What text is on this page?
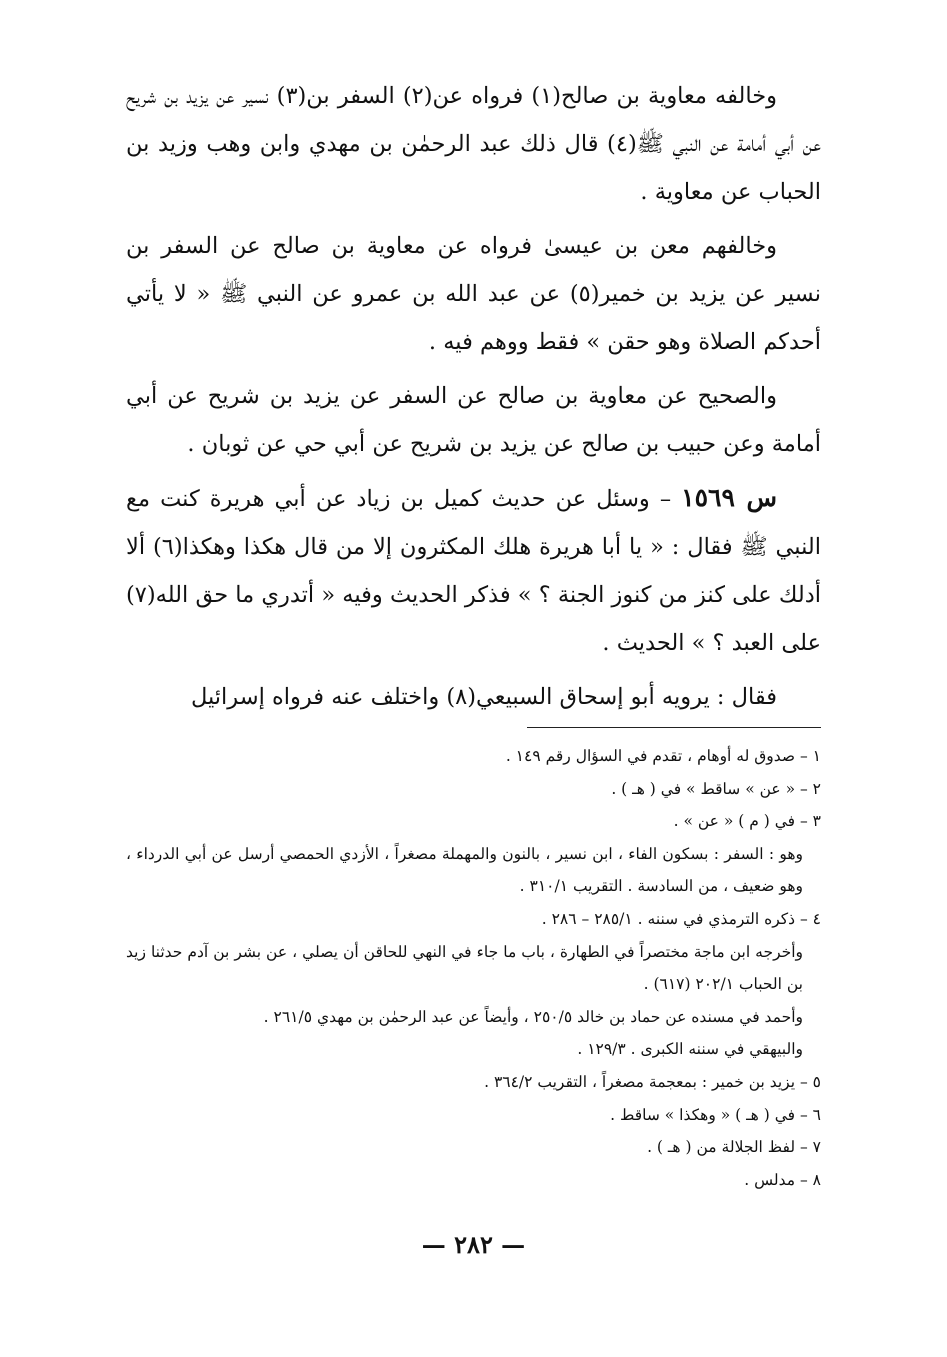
وخالفه معاوية بن صالح(١) فرواه عن(٢) السفر بن(٣) نسير عن يزيد بن شريح عن أبي أمامة عن النبي ﷺ(٤) قال ذلك عبد الرحمٰن بن مهدي وابن وهب وزيد بن الحباب عن معاوية .

وخالفهم معن بن عيسىٰ فرواه عن معاوية بن صالح عن السفر بن نسير عن يزيد بن خمير(٥) عن عبد الله بن عمرو عن النبي ﷺ « لا يأتي أحدكم الصلاة وهو حقن » فقط ووهم فيه .

والصحيح عن معاوية بن صالح عن السفر عن يزيد بن شريح عن أبي أمامة وعن حبيب بن صالح عن يزيد بن شريح عن أبي حي عن ثوبان .

س ١٥٦٩ – وسئل عن حديث كميل بن زياد عن أبي هريرة كنت مع النبي ﷺ فقال : « يا أبا هريرة هلك المكثرون إلا من قال هكذا وهكذا(٦) ألا أدلك على كنز من كنوز الجنة ؟ » فذكر الحديث وفيه « أتدري ما حق الله(٧) على العبد ؟ » الحديث .

فقال : يرويه أبو إسحاق السبيعي(٨) واختلف عنه فرواه إسرائيل

١ – صدوق له أوهام ، تقدم في السؤال رقم ١٤٩ .

٢ – « عن » ساقط » في ( هـ ) .

٣ – في ( م ) « عن » .

وهو : السفر : بسكون الفاء ، ابن نسير ، بالنون والمهملة مصغراً ، الأزدي الحمصي أرسل عن أبي الدرداء ، وهو ضعيف ، من السادسة . التقريب ٣١٠/١ .

٤ – ذكره الترمذي في سننه . ٢٨٥/١ – ٢٨٦ .

وأخرجه ابن ماجة مختصراً في الطهارة ، باب ما جاء في النهي للحاقن أن يصلي ، عن بشر بن آدم حدثنا زيد بن الحباب ٢٠٢/١ (٦١٧) .

وأحمد في مسنده عن حماد بن خالد ٢٥٠/٥ ، وأيضاً عن عبد الرحمٰن بن مهدي ٢٦١/٥ .

والبيهقي في سننه الكبرى . ١٢٩/٣ .

٥ – يزيد بن خمير : بمعجمة مصغراً ، التقريب ٣٦٤/٢ .

٦ – في ( هـ ) « وهكذا » ساقط .

٧ – لفظ الجلالة من ( هـ ) .

٨ – مدلس .

— ٢٨٢ —
